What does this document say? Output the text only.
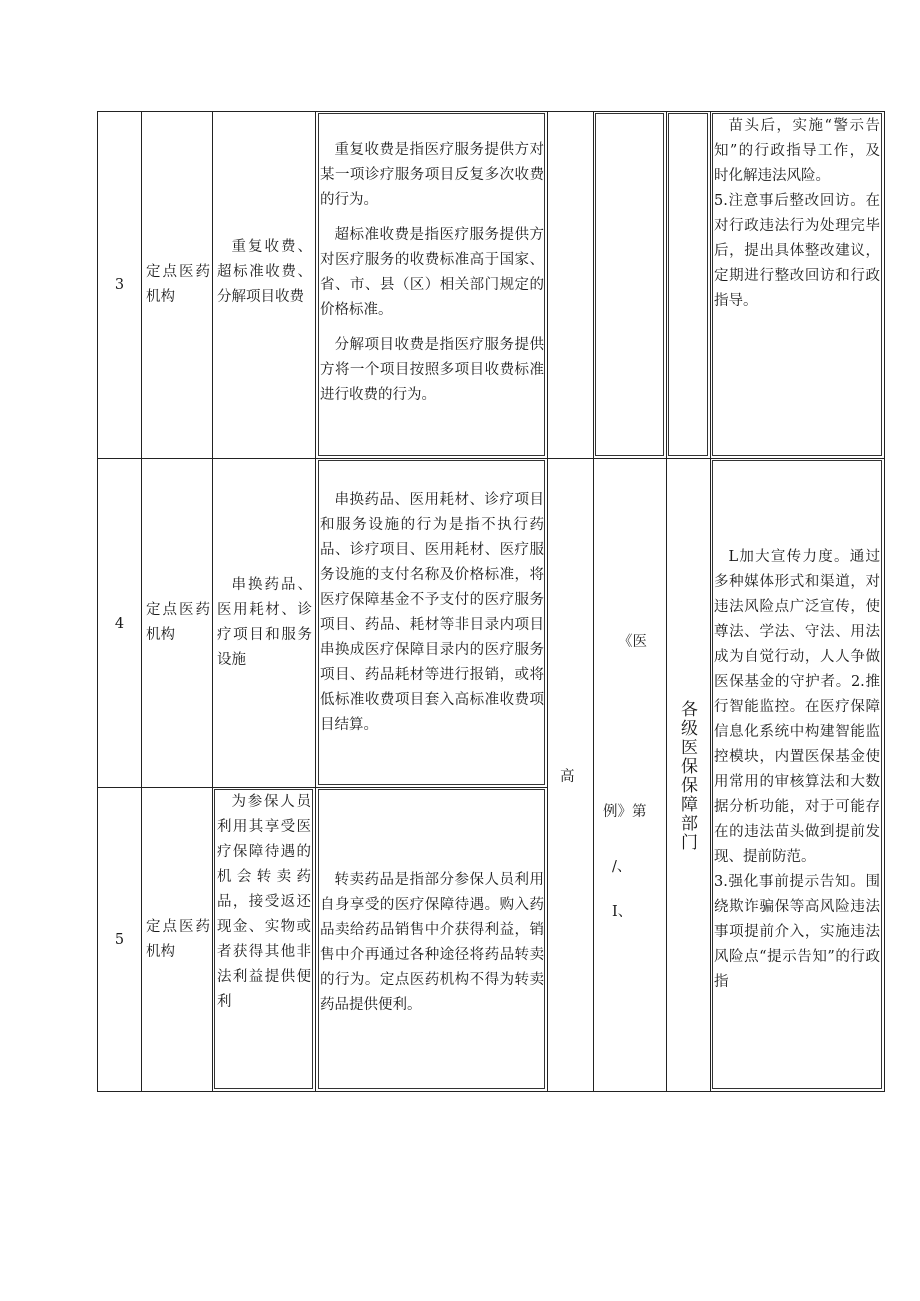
3
定点医药机构
重复收费、超标准收费、分解项目收费

重复收费是指医疗服务提供方对某一项诊疗服务项目反复多次收费的行为。

超标准收费是指医疗服务提供方对医疗服务的收费标准高于国家、省、市、县（区）相关部门规定的价格标准。

分解项目收费是指医疗服务提供方将一个项目按照多项目收费标准进行收费的行为。

苗头后，实施“警示告知”的行政指导工作，及时化解违法风险。
5.注意事后整改回访。在对行政违法行为处理完毕后，提出具体整改建议，定期进行整改回访和行政指导。
4
定点医药机构
串换药品、医用耗材、诊疗项目和服务设施
串换药品、医用耗材、诊疗项目和服务设施的行为是指不执行药品、诊疗项目、医用耗材、医疗服务设施的支付名称及价格标准，将医疗保障基金不予支付的医疗服务项目、药品、耗材等非目录内项目串换成医疗保障目录内的医疗服务项目、药品耗材等进行报销，或将低标准收费项目套入高标准收费项目结算。
5
定点医药机构
为参保人员利用其享受医疗保障待遇的机会转卖药品，接受返还现金、实物或者获得其他非法利益提供便利
转卖药品是指部分参保人员利用自身享受的医疗保障待遇。购入药品卖给药品销售中介获得利益，销售中介再通过各种途径将药品转卖的行为。定点医药机构不得为转卖药品提供便利。
高
《医
例》第
/、
I、
各级医保保障部门
L加大宣传力度。通过多种媒体形式和渠道，对违法风险点广泛宣传，使尊法、学法、守法、用法成为自觉行动，人人争做医保基金的守护者。2.推行智能监控。在医疗保障信息化系统中构建智能监控模块，内置医保基金使用常用的审核算法和大数据分析功能，对于可能存在的违法苗头做到提前发现、提前防范。
3.强化事前提示告知。围绕欺诈骗保等高风险违法事项提前介入，实施违法风险点“提示告知”的行政指
